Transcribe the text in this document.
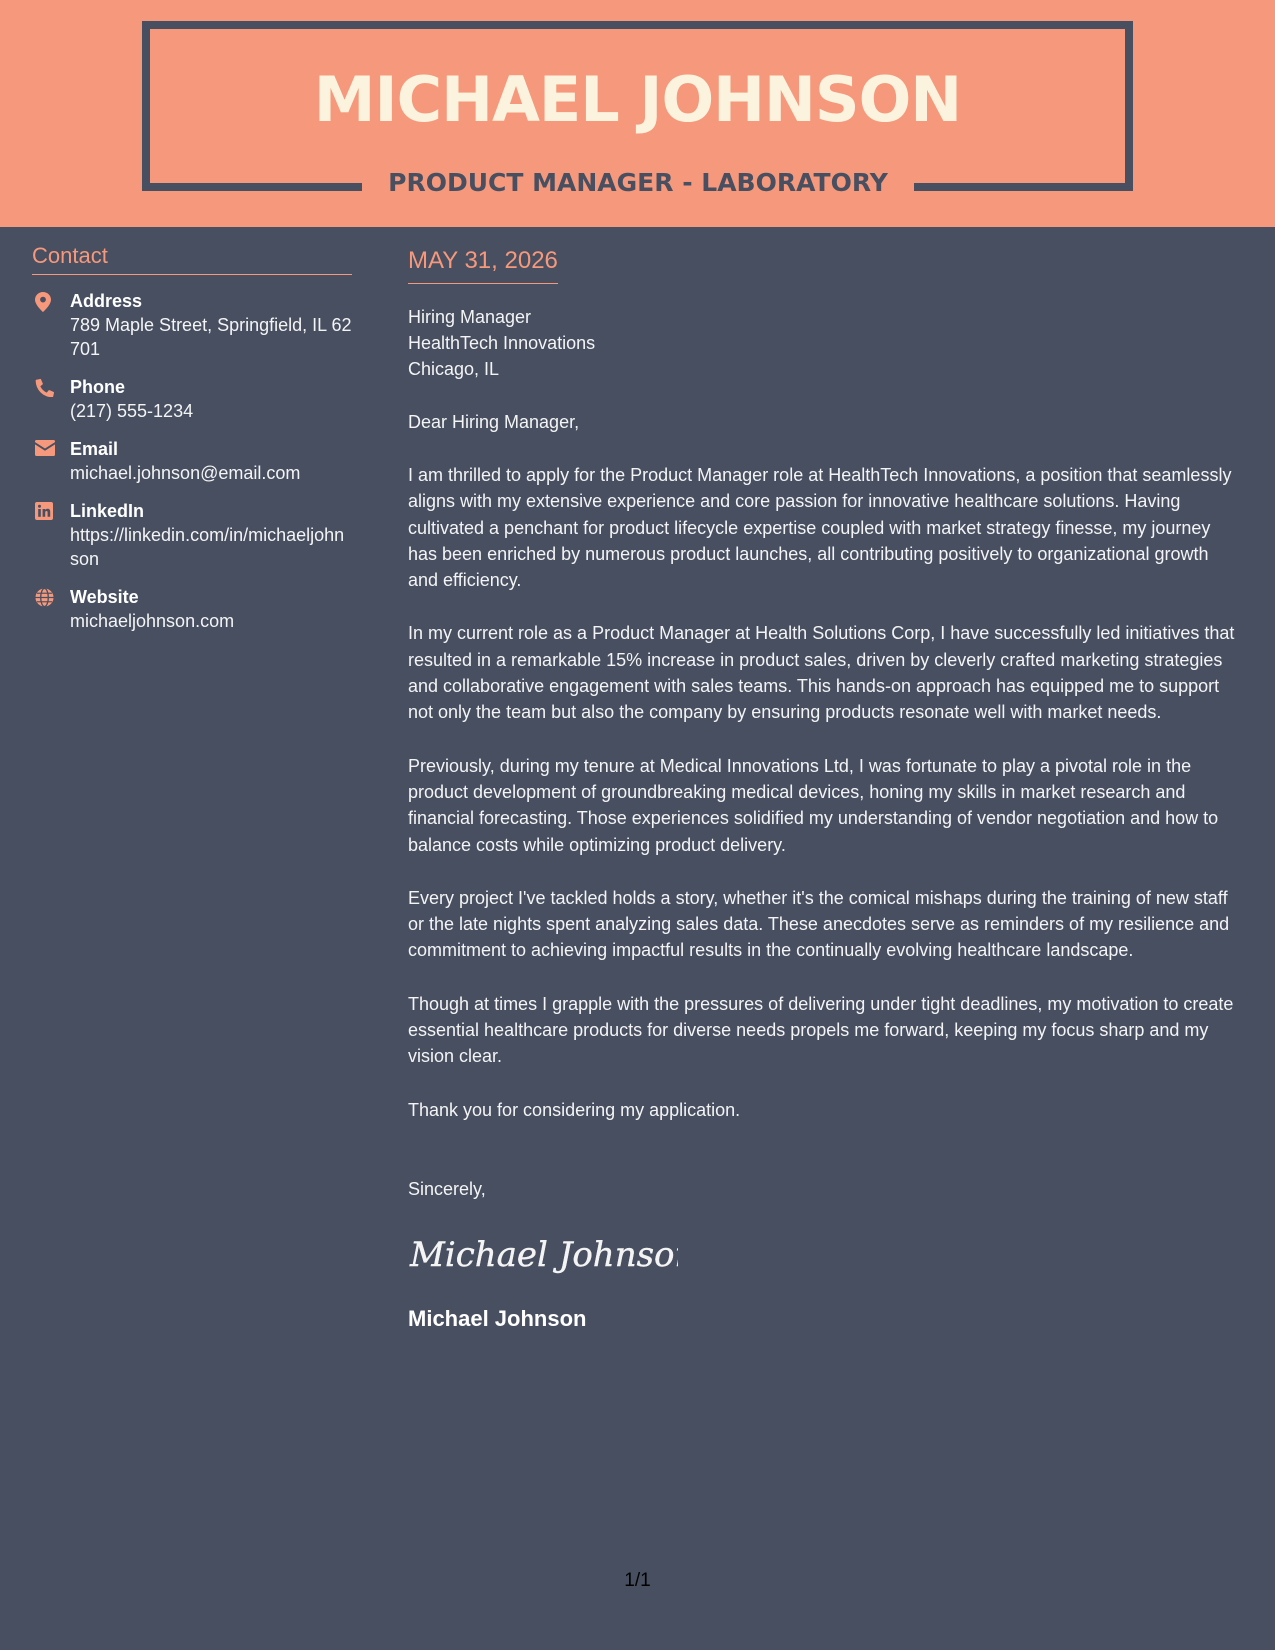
MICHAEL JOHNSON
PRODUCT MANAGER - LABORATORY
Contact
Address
789 Maple Street, Springfield, IL 62701
Phone
(217) 555-1234
Email
michael.johnson@email.com
LinkedIn
https://linkedin.com/in/michaeljohnson
Website
michaeljohnson.com
MAY 31, 2026
Hiring Manager
HealthTech Innovations
Chicago, IL
Dear Hiring Manager,

I am thrilled to apply for the Product Manager role at HealthTech Innovations, a position that seamlessly aligns with my extensive experience and core passion for innovative healthcare solutions. Having cultivated a penchant for product lifecycle expertise coupled with market strategy finesse, my journey has been enriched by numerous product launches, all contributing positively to organizational growth and efficiency.

In my current role as a Product Manager at Health Solutions Corp, I have successfully led initiatives that resulted in a remarkable 15% increase in product sales, driven by cleverly crafted marketing strategies and collaborative engagement with sales teams. This hands-on approach has equipped me to support not only the team but also the company by ensuring products resonate well with market needs.

Previously, during my tenure at Medical Innovations Ltd, I was fortunate to play a pivotal role in the product development of groundbreaking medical devices, honing my skills in market research and financial forecasting. Those experiences solidified my understanding of vendor negotiation and how to balance costs while optimizing product delivery.

Every project I've tackled holds a story, whether it's the comical mishaps during the training of new staff or the late nights spent analyzing sales data. These anecdotes serve as reminders of my resilience and commitment to achieving impactful results in the continually evolving healthcare landscape.

Though at times I grapple with the pressures of delivering under tight deadlines, my motivation to create essential healthcare products for diverse needs propels me forward, keeping my focus sharp and my vision clear.

Thank you for considering my application.

Sincerely,
Michael Johnson
Michael Johnson
1/1
